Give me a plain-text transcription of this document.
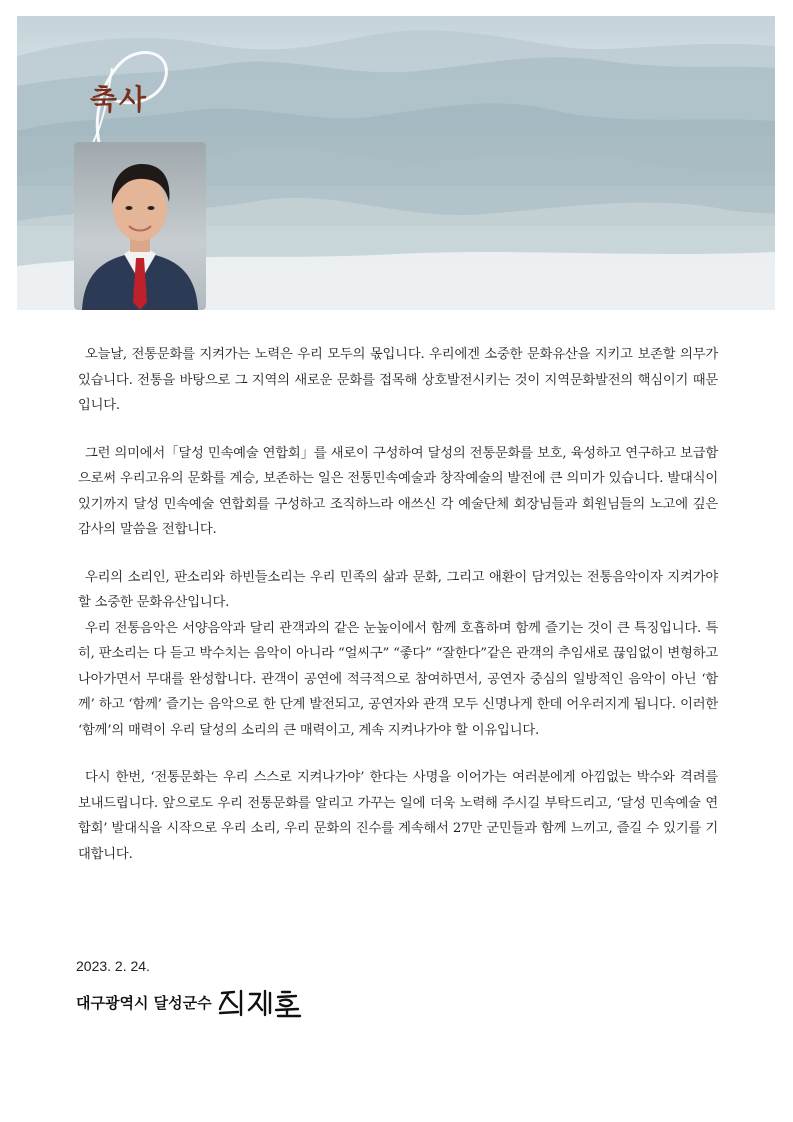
축사

오늘날, 전통문화를 지켜가는 노력은 우리 모두의 몫입니다. 우리에겐 소중한 문화유산을 지키고 보존할 의무가 있습니다. 전통을 바탕으로 그 지역의 새로운 문화를 접목해 상호발전시키는 것이 지역문화발전의 핵심이기 때문입니다.

그런 의미에서「달성 민속예술 연합회」를 새로이 구성하여 달성의 전통문화를 보호, 육성하고 연구하고 보급함으로써 우리고유의 문화를 계승, 보존하는 일은 전통민속예술과 창작예술의 발전에 큰 의미가 있습니다. 발대식이 있기까지 달성 민속예술 연합회를 구성하고 조직하느라 애쓰신 각 예술단체 회장님들과 회원님들의 노고에 깊은 감사의 말씀을 전합니다.

우리의 소리인, 판소리와 하빈들소리는 우리 민족의 삶과 문화, 그리고 애환이 담겨있는 전통음악이자 지켜가야 할 소중한 문화유산입니다.

우리 전통음악은 서양음악과 달리 관객과의 같은 눈높이에서 함께 호흡하며 함께 즐기는 것이 큰 특징입니다. 특히, 판소리는 다 듣고 박수치는 음악이 아니라 “얼씨구” “좋다” “잘한다”같은 관객의 추임새로 끊임없이 변형하고 나아가면서 무대를 완성합니다. 관객이 공연에 적극적으로 참여하면서, 공연자 중심의 일방적인 음악이 아닌 ‘함께’ 하고 ‘함께’ 즐기는 음악으로 한 단계 발전되고, 공연자와 관객 모두 신명나게 한데 어우러지게 됩니다. 이러한 ‘함께’의 매력이 우리 달성의 소리의 큰 매력이고, 계속 지켜나가야 할 이유입니다.

다시 한번, ‘전통문화는 우리 스스로 지켜나가야’ 한다는 사명을 이어가는 여러분에게 아낌없는 박수와 격려를 보내드립니다. 앞으로도 우리 전통문화를 알리고 가꾸는 일에 더욱 노력해 주시길 부탁드리고, ‘달성 민속예술 연합회’ 발대식을 시작으로 우리 소리, 우리 문화의 진수를 계속해서 27만 군민들과 함께 느끼고, 즐길 수 있기를 기대합니다.

2023. 2. 24.
대구광역시 달성군수
